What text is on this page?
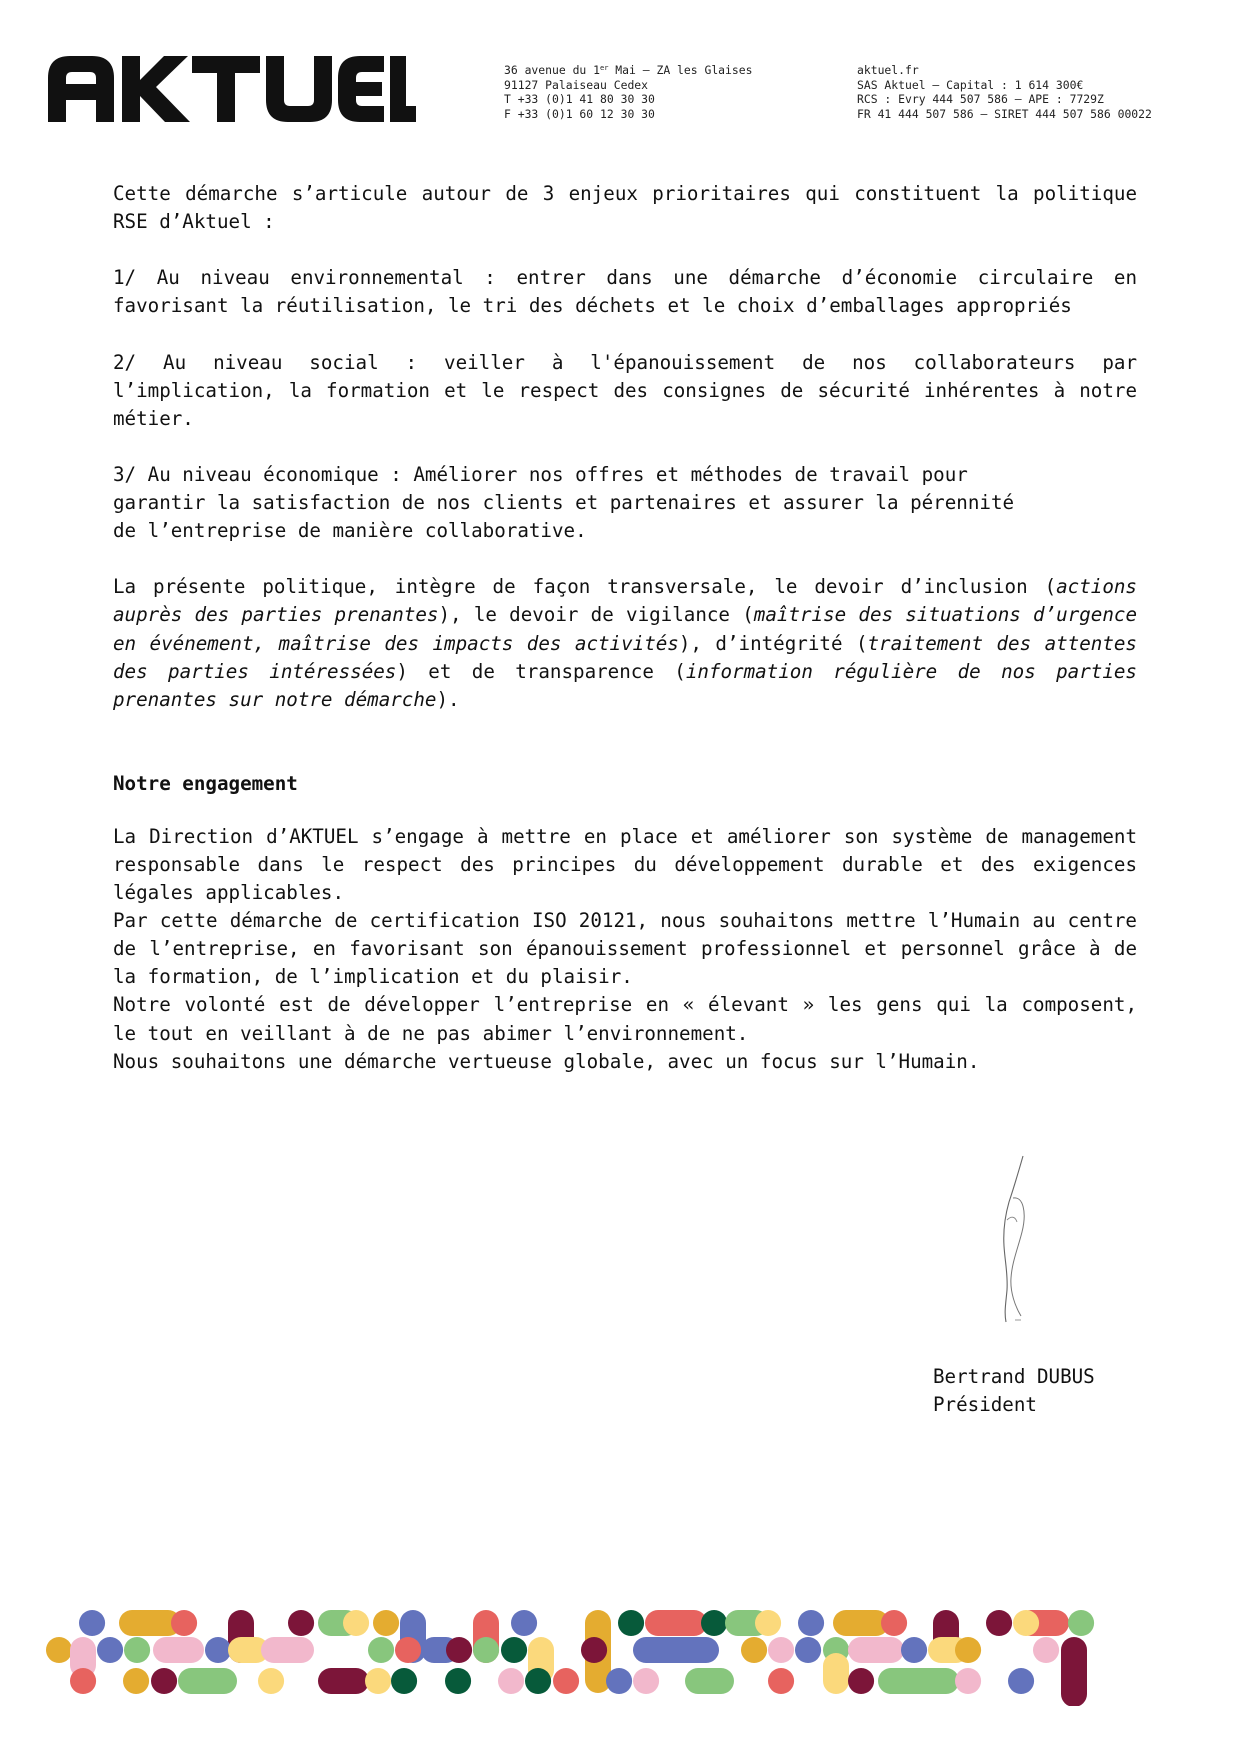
36 avenue du 1er Mai – ZA les Glaises
91127 Palaiseau Cedex
T +33 (0)1 41 80 30 30
F +33 (0)1 60 12 30 30
aktuel.fr
SAS Aktuel – Capital : 1 614 300€
RCS : Evry 444 507 586 – APE : 7729Z
FR 41 444 507 586 – SIRET 444 507 586 00022

Cette démarche s’articule autour de 3 enjeux prioritaires qui constituent la politique RSE d’Aktuel :

1/ Au niveau environnemental : entrer dans une démarche d’économie circulaire en favorisant la réutilisation, le tri des déchets et le choix d’emballages appropriés

2/ Au niveau social : veiller à l'épanouissement de nos collaborateurs par l’implication, la formation et le respect des consignes de sécurité inhérentes à notre métier.

3/ Au niveau économique : Améliorer nos offres et méthodes de travail pour
garantir la satisfaction de nos clients et partenaires et assurer la pérennité
de l’entreprise de manière collaborative.

La présente politique, intègre de façon transversale, le devoir d’inclusion (actions auprès des parties prenantes), le devoir de vigilance (maîtrise des situations d’urgence en événement, maîtrise des impacts des activités), d’intégrité (traitement des attentes des parties intéressées) et de transparence (information régulière de nos parties prenantes sur notre démarche).

Notre engagement

La Direction d’AKTUEL s’engage à mettre en place et améliorer son système de management responsable dans le respect des principes du développement durable et des exigences légales applicables.

Par cette démarche de certification ISO 20121, nous souhaitons mettre l’Humain au centre de l’entreprise, en favorisant son épanouissement professionnel et personnel grâce à de la formation, de l’implication et du plaisir.

Notre volonté est de développer l’entreprise en « élevant » les gens qui la composent, le tout en veillant à de ne pas abimer l’environnement.

Nous souhaitons une démarche vertueuse globale, avec un focus sur l’Humain.

Bertrand DUBUS
Président
